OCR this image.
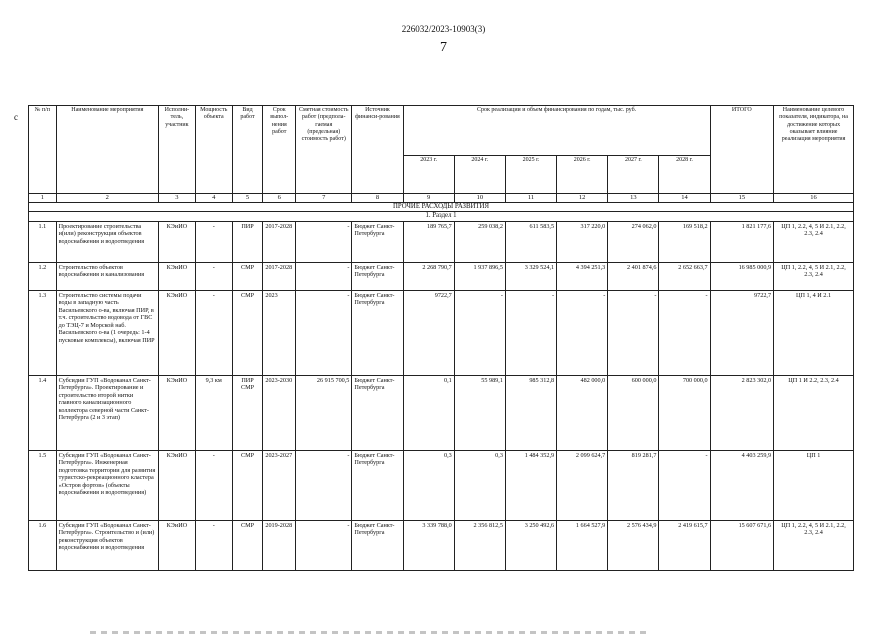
226032/2023-10903(3)
7
с
№ п/п	Наименование мероприятия	Исполни-тель, участник	Мощность объекта	Вид работ	Срок выпол-нения работ	Сметная стоимость работ (предпола-гаемая (предельная) стоимость работ)	Источник финанси-рования	Срок реализации и объем финансирования по годам, тыс. руб.						ИТОГО	Наименование целевого показателя, индикатора, на достижение которых оказывает влияние реализация мероприятия
								2023 г.	2024 г.	2025 г.	2026 г.	2027 г.	2028 г.		
1	2	3	4	5	6	7	8	9	10	11	12	13	14	15	16
ПРОЧИЕ РАСХОДЫ РАЗВИТИЯ															
1. Раздел 1															
1.1	Проектирование строительства и(или) реконструкция объектов водоснабжения и водоотведения	КЭиИО	-	ПИР	2017-2028	-	Бюджет Санкт-Петербурга	189 765,7	259 038,2	611 583,5	317 220,0	274 062,0	169 518,2	1 821 177,6	ЦП 1, 2.2, 4, 5 И 2.1, 2.2, 2.3, 2.4
1.2	Строительство объектов водоснабжения и канализования	КЭиИО	-	СМР	2017-2028	-	Бюджет Санкт-Петербурга	2 268 790,7	1 937 896,5	3 329 524,1	4 394 251,3	2 401 874,6	2 652 663,7	16 985 000,9	ЦП 1, 2.2, 4, 5 И 2.1, 2.2, 2.3, 2.4
1.3	Строительство системы подачи воды в западную часть Васильевского о-ва, включая ПИР, в т.ч. строительство водовода от ГВС до ТЭЦ-7 и Морской наб. Васильевского о-ва (1 очередь: 1-4 пусковые комплексы), включая ПИР	КЭиИО	-	СМР	2023	-	Бюджет Санкт-Петербурга	9722,7	-	-	-	-	-	9722,7	ЦП 1, 4 И 2.1
1.4	Субсидии ГУП «Водоканал Санкт-Петербурга». Проектирование и строительство второй нитки главного канализационного коллектора северной части Санкт-Петербурга (2 и 3 этап)	КЭиИО	9,3 км	ПИР СМР	2023-2030	26 915 700,5	Бюджет Санкт-Петербурга	0,1	55 989,1	985 312,8	482 000,0	600 000,0	700 000,0	2 823 302,0	ЦП 1 И 2.2, 2.3, 2.4
1.5	Субсидии ГУП «Водоканал Санкт-Петербурга». Инженерная подготовка территории для развития туристско-рекреационного кластера «Остров фортов» (объекты водоснабжения и водоотведения)	КЭиИО	-	СМР	2023-2027	-	Бюджет Санкт-Петербурга	0,3	0,3	1 484 352,9	2 099 624,7	819 281,7	-	4 403 259,9	ЦП 1
1.6	Субсидии ГУП «Водоканал Санкт-Петербурга». Строительство и (или) реконструкция объектов водоснабжения и водоотведения	КЭиИО	-	СМР	2019-2028	-	Бюджет Санкт-Петербурга	3 339 788,0	2 356 812,5	3 250 492,6	1 664 527,9	2 576 434,9	2 419 615,7	15 607 671,6	ЦП 1, 2.2, 4, 5 И 2.1, 2.2, 2.3, 2.4
